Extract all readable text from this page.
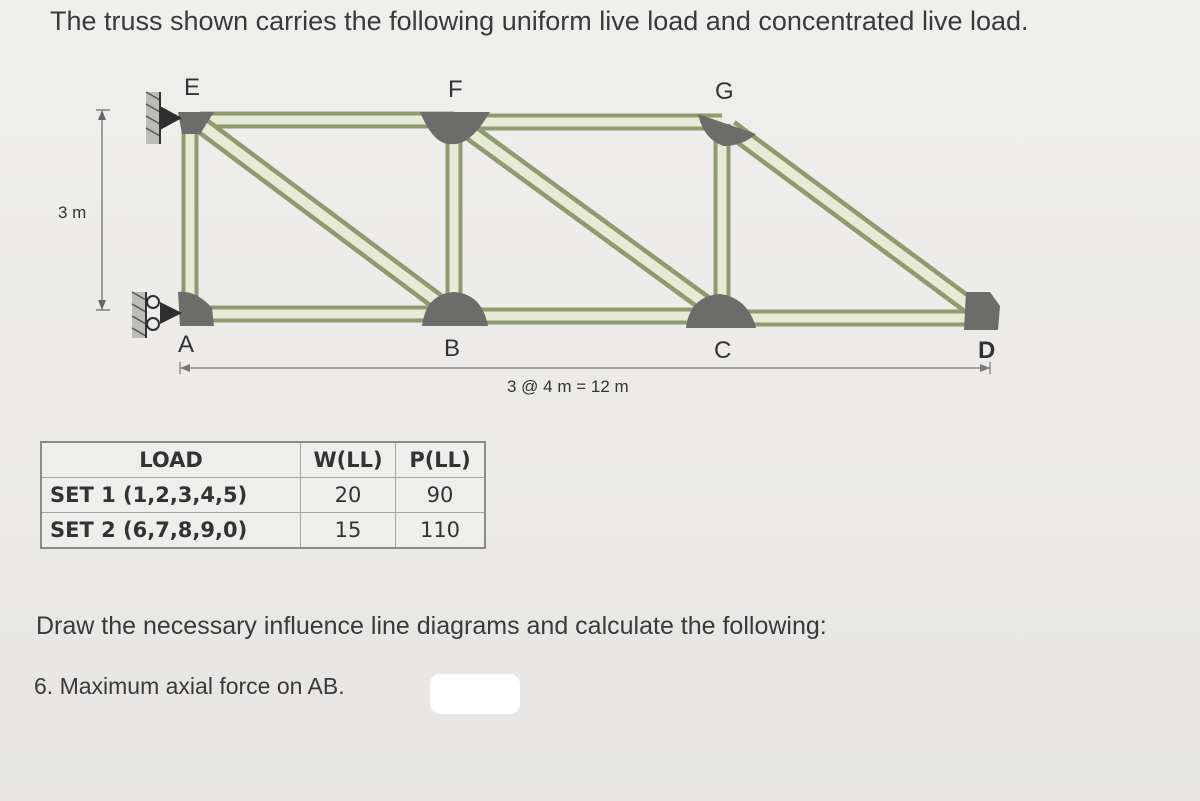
The truss shown carries the following uniform live load and concentrated live load.
3 m
3 @ 4 m = 12 m
E	F	G
A	B	C	D
LOAD	W(LL)	P(LL)
SET 1 (1,2,3,4,5)	20	90
SET 2 (6,7,8,9,0)	15	110
Draw the necessary influence line diagrams and calculate the following:
6. Maximum axial force on AB.
